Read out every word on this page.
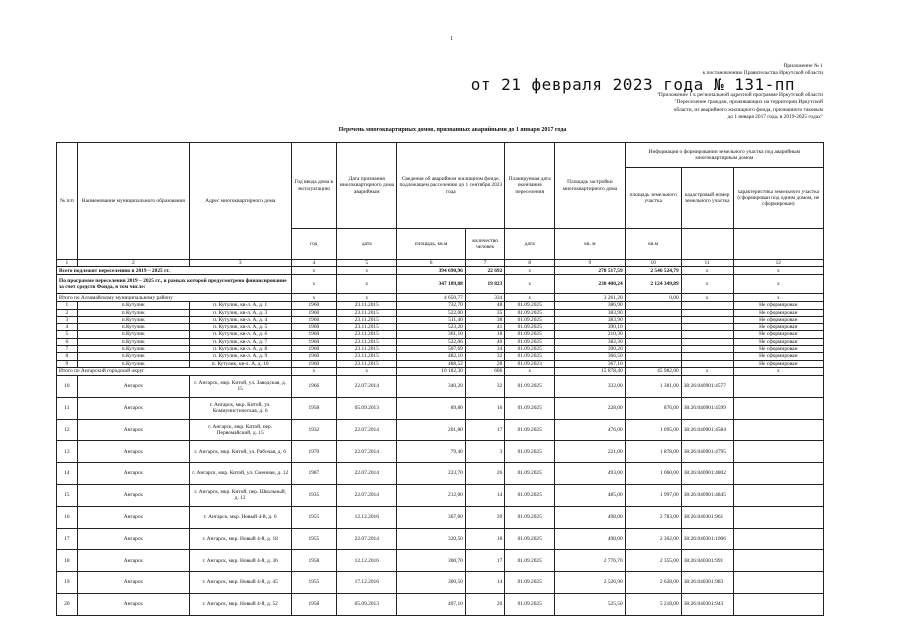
1
Приложение № 1
к постановлению Правительства Иркутской области
от 21 февраля 2023 года № 131-пп
"Приложение 1 к региональной адресной программе Иркутской области
"Переселение граждан, проживающих на территории Иркутской
области, из аварийного жилищного фонда, признанного таковым
до 1 января 2017 года, в 2019-2025 годах"
Перечень многоквартирных домов, признанных аварийными до 1 января 2017 года
№ п/п	Наименование муниципального образования	Адрес многоквартирного дома	Год ввода дома в эксплуатацию	Дата признания многоквартирного дома аварийным	Сведения об аварийном жилищном фонде, подлежащем расселению до 1 сентября 2023 года		Планируемая дата окончания переселения	Площадь застройки многоквартирного дома	Информация о формировании земельного участка под аварийным многоквартирным домом		
									площадь земельного участка	кадастровый номер земельного участка	характеристика земельного участка (сформирован под одним домом, не сформирован)
			год	дата	площадь, кв.м	количество человек	дата	кв. м	кв.м		
1	2	3	4	5	6	7	8	9	10	11	12
Всего подлежит переселению в 2019 – 2025 гг.			х	х	394 690,96	22 692	х	278 517,59	2 546 524,79	х	х
По программе переселения 2019 – 2025 гг., в рамках которой предусмотрено финансирование за счет средств Фонда, в том числе:			х	х	347 109,08	19 823	х	230 400,24	2 124 349,89	х	х
Итого по Алзамайскому муниципальному району			х	х	4 650,77	334	х	3 261,20	0,00	х	х
1	п.Кутулик	п. Кутулик, кв-л. А, д. 1	1960	23.11.2015	732,70	48	01.09.2025	386,90			Не сформирован
2	п.Кутулик	п. Кутулик, кв-л. А, д. 3	1960	23.11.2015	522,00	35	01.09.2025	383,90			Не сформирован
3	п.Кутулик	п. Кутулик, кв-л. А, д. 4	1960	23.11.2015	511,40	38	01.09.2025	383,90			Не сформирован
4	п.Кутулик	п. Кутулик, кв-л. А, д. 5	1960	23.11.2015	523,20	41	01.09.2025	390,10			Не сформирован
5	п.Кутулик	п. Кутулик, кв-л. А, д. 6	1960	23.11.2015	361,10	18	01.09.2025	210,30			Не сформирован
6	п.Кутулик	п. Кутулик, кв-л. А, д. 7	1960	23.11.2015	522,06	40	01.09.2025	382,30			Не сформирован
7	п.Кутулик	п. Кутулик, кв-л. А, д. 8	1960	23.11.2015	507,69	34	01.09.2025	390,20			Не сформирован
8	п.Кутулик	п. Кутулик, кв-л. А, д. 9	1960	23.11.2015	482,10	32	01.09.2025	366,50			Не сформирован
9	п.Кутулик	п. Кутулик, кв-л. А, д. 10	1960	23.11.2015	488,52	28	01.09.2023	367,10			Не сформирован
Итого по Ангарский городской округ			х	х	10 182,30	606	х	15 878,40	45 982,00	х	х
10	Ангарск	г. Ангарск, мкр. Китой, ул. Заводская, д. 15	1966	22.07.2014	340,20	32	01.09.2025	332,00	1 381,00	38:26:040901:4577	
11	Ангарск	г. Ангарск, мкр. Китой, ул. Коммунистическая, д. 6	1958	05.09.2013	89,80	16	01.09.2025	228,00	876,00	38:26:040901:4599	
12	Ангарск	г. Ангарск, мкр. Китой, пер. Первомайский, д. 15	1932	22.07.2014	201,80	17	01.09.2025	476,00	1 095,00	38:26:040901:4584	
13	Ангарск	г. Ангарск, мкр. Китой, ул. Рабочая, д. 6	1970	22.07.2014	79,40	3	01.09.2025	221,00	1 878,00	38:26:040901:4795	
14	Ангарск	г. Ангарск, мкр. Китой, ул. Сменная, д. 12	1987	22.07.2014	223,70	26	01.09.2025	493,00	1 060,00	38:26:040901:4802	
15	Ангарск	г. Ангарск, мкр. Китой, пер. Школьный, д. 12	1935	22.07.2014	212,00	14	01.09.2025	485,00	1 997,00	38:26:040901:4845	
16	Ангарск	г. Ангарск, мкр. Новый 4-й, д. 6	1955	12.12.2016	367,60	39	01.09.2025	498,00	2 783,00	38:26:040301:961	
17	Ангарск	г. Ангарск, мкр. Новый 4-й, д. 18	1955	22.07.2014	320,50	18	01.09.2025	498,00	2 362,00	38:26:040301:1006	
18	Ангарск	г. Ангарск, мкр. Новый 4-й, д. 36	1958	12.12.2016	300,70	17	01.09.2025	2 776,70	2 355,00	38:26:040301:991	
19	Ангарск	г. Ангарск, мкр. Новый 4-й, д. 45	1955	17.12.2016	300,50	14	01.09.2025	2 526,90	2 628,00	38:26:040301:983	
20	Ангарск	г. Ангарск, мкр. Новый 4-й, д. 52	1958	05.09.2013	407,10	20	01.09.2025	525,50	5 218,00	38:26:040301:943	
